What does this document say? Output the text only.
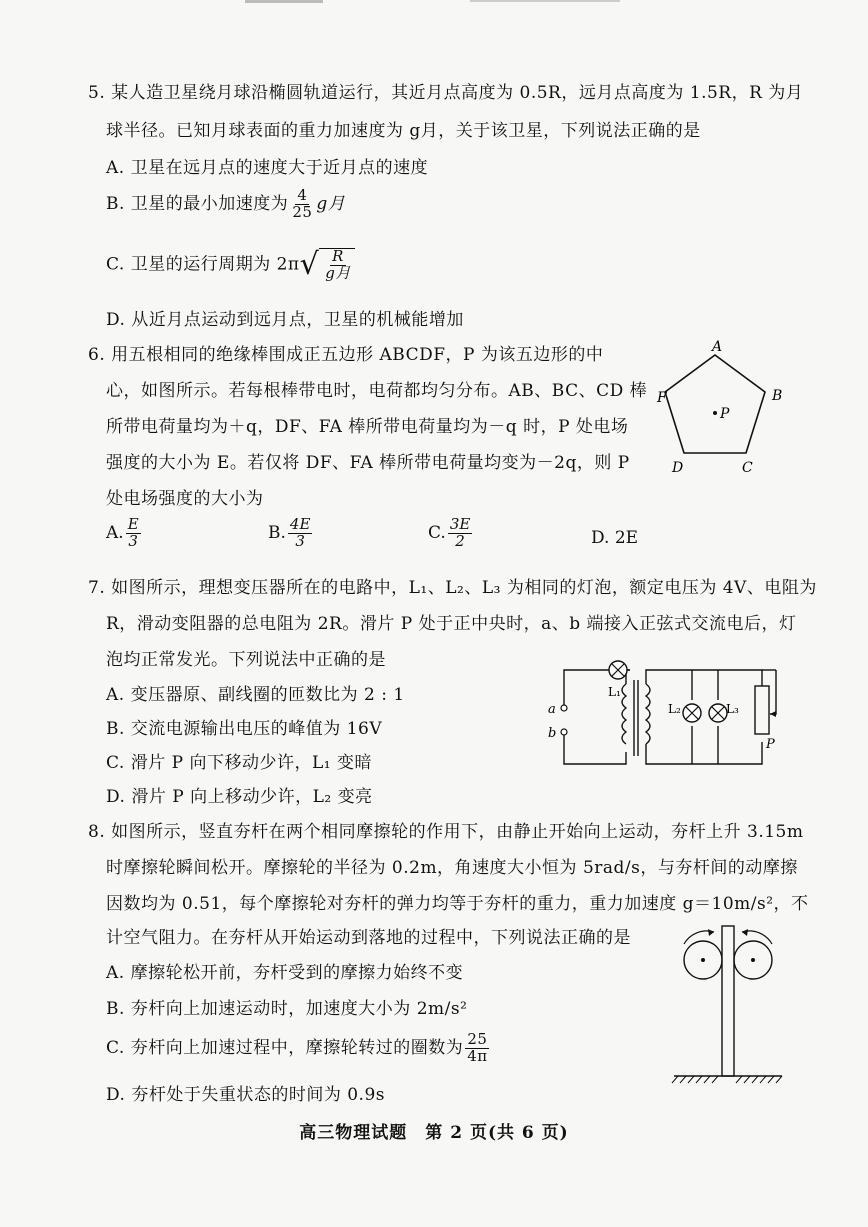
5. 某人造卫星绕月球沿椭圆轨道运行，其近月点高度为 0.5R，远月点高度为 1.5R，R 为月
球半径。已知月球表面的重力加速度为 g月，关于该卫星，下列说法正确的是
A. 卫星在远月点的速度大于近月点的速度
B. 卫星的最小加速度为 $\frac{4}{25}$ g月
C. 卫星的运行周期为 2π √ $\frac{R}{\text{g月}}$
D. 从近月点运动到远月点，卫星的机械能增加
6. 用五根相同的绝缘棒围成正五边形 ABCDF，P 为该五边形的中
心，如图所示。若每根棒带电时，电荷都均匀分布。AB、BC、CD 棒
所带电荷量均为＋q，DF、FA 棒所带电荷量均为－q 时，P 处电场
强度的大小为 E。若仅将 DF、FA 棒所带电荷量均变为－2q，则 P
处电场强度的大小为
A
B
C
D
F
P
A. $\frac{E}{3}$	B. $\frac{4E}{3}$	C. $\frac{3E}{2}$	D. 2E
7. 如图所示，理想变压器所在的电路中，L₁、L₂、L₃ 为相同的灯泡，额定电压为 4V、电阻为
R，滑动变阻器的总电阻为 2R。滑片 P 处于正中央时，a、b 端接入正弦式交流电后，灯
泡均正常发光。下列说法中正确的是
A. 变压器原、副线圈的匝数比为 2 : 1
B. 交流电源输出电压的峰值为 16V
C. 滑片 P 向下移动少许，L₁ 变暗
D. 滑片 P 向上移动少许，L₂ 变亮
a
b
L₁
L₂	L₃
P
8. 如图所示，竖直夯杆在两个相同摩擦轮的作用下，由静止开始向上运动，夯杆上升 3.15m
时摩擦轮瞬间松开。摩擦轮的半径为 0.2m，角速度大小恒为 5rad/s，与夯杆间的动摩擦
因数均为 0.51，每个摩擦轮对夯杆的弹力均等于夯杆的重力，重力加速度 g＝10m/s²，不
计空气阻力。在夯杆从开始运动到落地的过程中，下列说法正确的是
A. 摩擦轮松开前，夯杆受到的摩擦力始终不变
B. 夯杆向上加速运动时，加速度大小为 2m/s²
C. 夯杆向上加速过程中，摩擦轮转过的圈数为 $\frac{25}{4\pi}$
D. 夯杆处于失重状态的时间为 0.9s
高三物理试题　第 2 页(共 6 页)
